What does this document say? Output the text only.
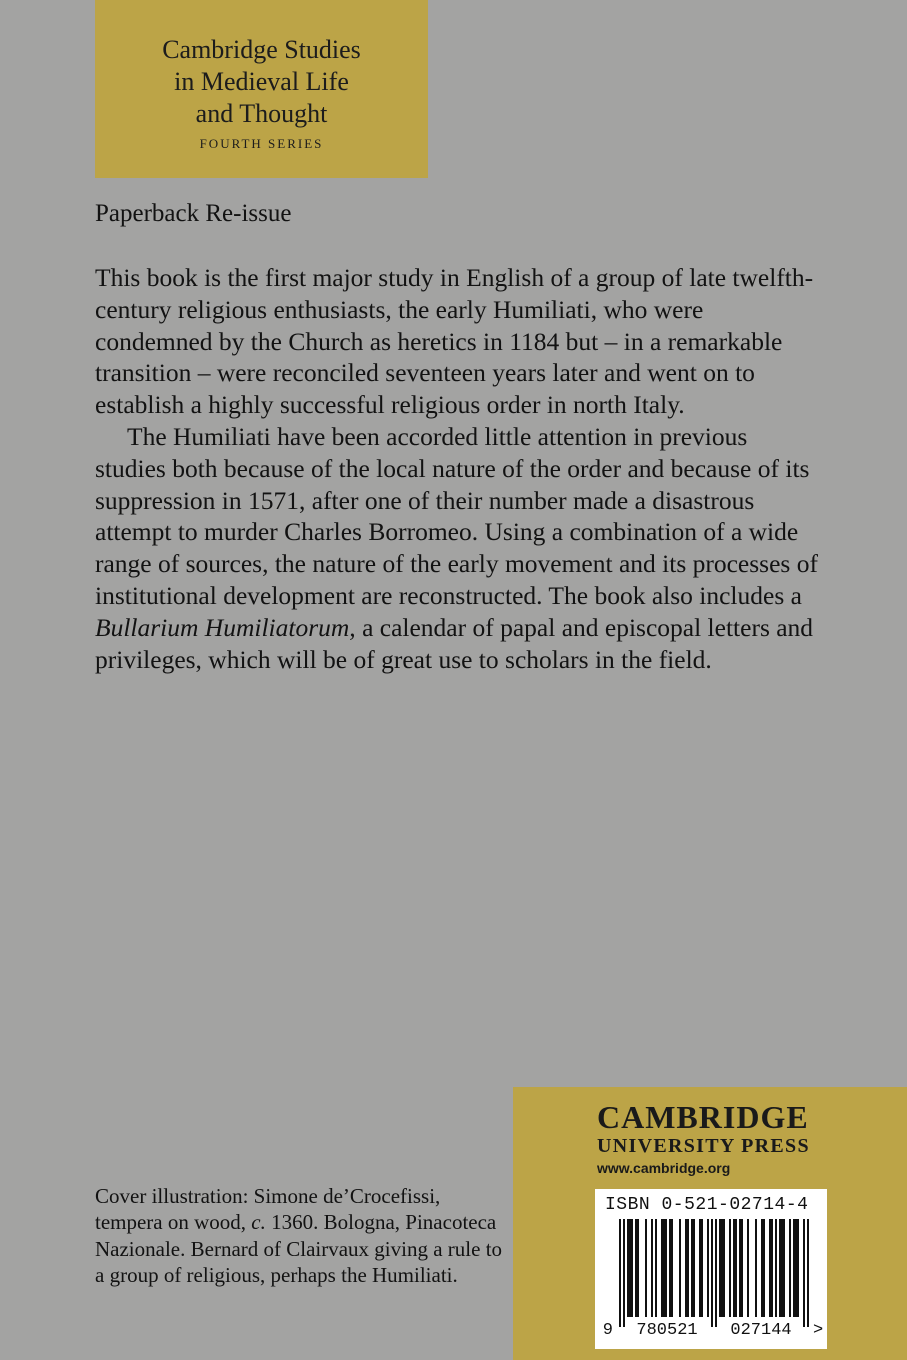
Cambridge Studies
in Medieval Life
and Thought
FOURTH SERIES
Paperback Re-issue

This book is the first major study in English of a group of late twelfth-century religious enthusiasts, the early Humiliati, who were condemned by the Church as heretics in 1184 but – in a remarkable transition – were reconciled seventeen years later and went on to establish a highly successful religious order in north Italy.

The Humiliati have been accorded little attention in previous studies both because of the local nature of the order and because of its suppression in 1571, after one of their number made a disastrous attempt to murder Charles Borromeo. Using a combination of a wide range of sources, the nature of the early movement and its processes of institutional development are reconstructed. The book also includes a Bullarium Humiliatorum, a calendar of papal and episcopal letters and privileges, which will be of great use to scholars in the field.

Cover illustration: Simone de’Crocefissi, tempera on wood, c. 1360. Bologna, Pinacoteca Nazionale. Bernard of Clairvaux giving a rule to a group of religious, perhaps the Humiliati.
CAMBRIDGE
UNIVERSITY PRESS
www.cambridge.org
ISBN 0-521-02714-4
9 780521 027144 >
